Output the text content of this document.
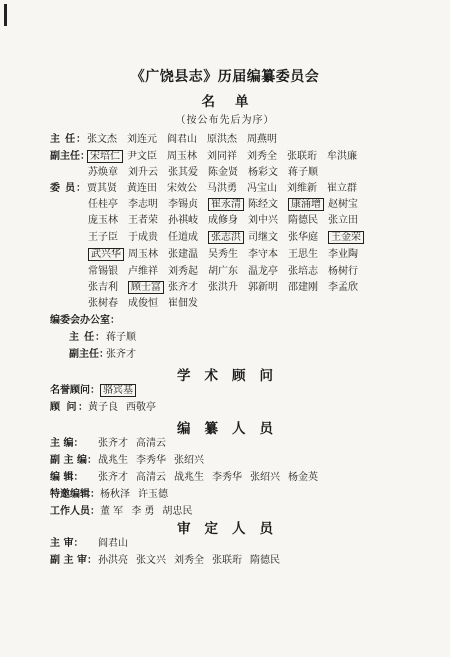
《广饶县志》历届编纂委员会
名单
（按公布先后为序）
主 任：张文杰 刘连元 阎君山 原洪杰 周燕明
副主任：宋培仁 尹文臣 周玉林 刘同祥 刘秀全 张联珩 牟洪廉
苏焕章 刘升云 张其爱 陈金贤 杨彩文 蒋子顺
委 员：贾其贤 黄连田 宋效公 马洪勇 冯宝山 刘维新 崔立群
任桂亭 李志明 李锡贞 崔永清 陈经文 康涌增 赵树宝
庞玉林 王者荣 孙祺岐 成修身 刘中兴 隋德民 张立田
王子臣 于成贵 任道成 张志洪 司继文 张华庭 王金荣
武兴华 周玉林 张建温 吴秀生 李守本 王思生 李业陶
常锡银 卢维祥 刘秀起 胡广东 温龙亭 张培志 杨树行
张吉利 顾士富 张齐才 张洪升 郭新明 邵建刚 李孟欣
张树春 成俊恒 崔佃发
编委会办公室：
主 任：蒋子顺
副主任：张齐才
学术顾问
名誉顾问： 骆宾基
顾 问：黄子良 西敬亭
编纂人员
主 编： 张齐才 高清云
副 主 编：战兆生 李秀华 张绍兴
编 辑： 张齐才 高清云 战兆生 李秀华 张绍兴 杨金英
特邀编辑：杨秋泽 许玉德
工作人员：董 军 李 勇 胡忠民
审定人员
主 审： 阎君山
副 主 审：孙洪亮 张文兴 刘秀全 张联珩 隋德民
